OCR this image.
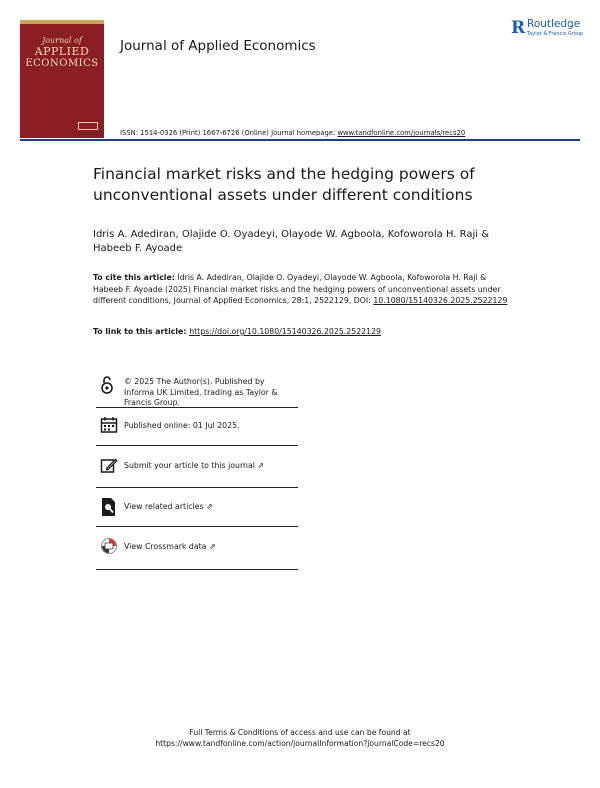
Journal of
APPLIED
ECONOMICS
Journal of Applied Economics
R Routledge
Taylor & Francis Group
ISSN: 1514-0326 (Print) 1667-6726 (Online) Journal homepage: www.tandfonline.com/journals/recs20
Financial market risks and the hedging powers of unconventional assets under different conditions
Idris A. Adediran, Olajide O. Oyadeyi, Olayode W. Agboola, Kofoworola H. Raji & Habeeb F. Ayoade
To cite this article: Idris A. Adediran, Olajide O. Oyadeyi, Olayode W. Agboola, Kofoworola H. Raji & Habeeb F. Ayoade (2025) Financial market risks and the hedging powers of unconventional assets under different conditions, Journal of Applied Economics, 28:1, 2522129, DOI: 10.1080/15140326.2025.2522129
To link to this article: https://doi.org/10.1080/15140326.2025.2522129
© 2025 The Author(s). Published by Informa UK Limited, trading as Taylor & Francis Group.
Published online: 01 Jul 2025.
Submit your article to this journal ⇗
View related articles ⇗
View Crossmark data ⇗
Full Terms & Conditions of access and use can be found at
https://www.tandfonline.com/action/journalInformation?journalCode=recs20
